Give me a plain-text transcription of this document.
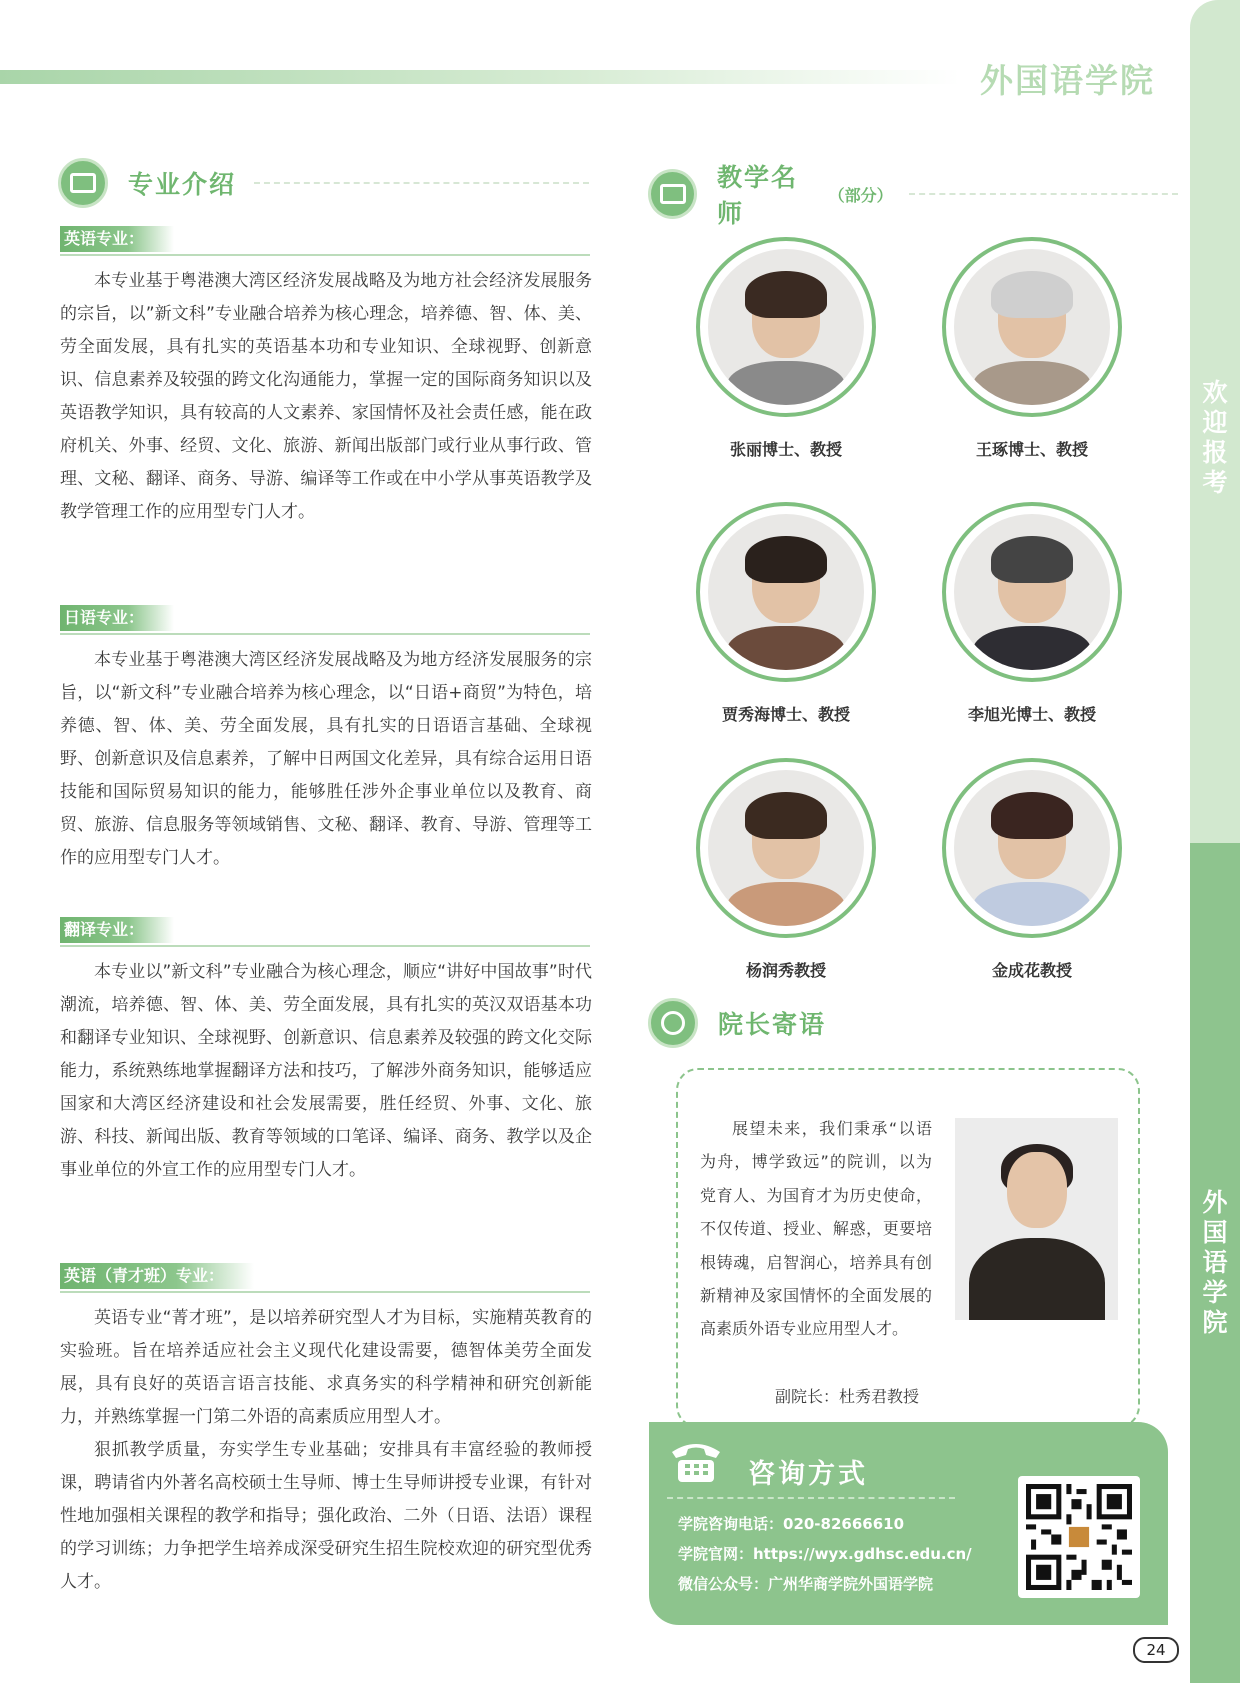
外国语学院
欢
迎
报
考
外
国
语
学
院
专业介绍
英语专业：

本专业基于粤港澳大湾区经济发展战略及为地方社会经济发展服务的宗旨，以”新文科”专业融合培养为核心理念，培养德、智、体、美、劳全面发展，具有扎实的英语基本功和专业知识、全球视野、创新意识、信息素养及较强的跨文化沟通能力，掌握一定的国际商务知识以及英语教学知识，具有较高的人文素养、家国情怀及社会责任感，能在政府机关、外事、经贸、文化、旅游、新闻出版部门或行业从事行政、管理、文秘、翻译、商务、导游、编译等工作或在中小学从事英语教学及教学管理工作的应用型专门人才。

日语专业：

本专业基于粤港澳大湾区经济发展战略及为地方经济发展服务的宗旨，以“新文科”专业融合培养为核心理念，以“日语+商贸”为特色，培养德、智、体、美、劳全面发展，具有扎实的日语语言基础、全球视野、创新意识及信息素养，了解中日两国文化差异，具有综合运用日语技能和国际贸易知识的能力，能够胜任涉外企事业单位以及教育、商贸、旅游、信息服务等领域销售、文秘、翻译、教育、导游、管理等工作的应用型专门人才。

翻译专业：

本专业以”新文科”专业融合为核心理念，顺应“讲好中国故事”时代潮流，培养德、智、体、美、劳全面发展，具有扎实的英汉双语基本功和翻译专业知识、全球视野、创新意识、信息素养及较强的跨文化交际能力，系统熟练地掌握翻译方法和技巧，了解涉外商务知识，能够适应国家和大湾区经济建设和社会发展需要，胜任经贸、外事、文化、旅游、科技、新闻出版、教育等领域的口笔译、编译、商务、教学以及企事业单位的外宣工作的应用型专门人才。

英语（青才班）专业：

英语专业“菁才班”，是以培养研究型人才为目标，实施精英教育的实验班。旨在培养适应社会主义现代化建设需要，德智体美劳全面发展，具有良好的英语言语言技能、求真务实的科学精神和研究创新能力，并熟练掌握一门第二外语的高素质应用型人才。

狠抓教学质量，夯实学生专业基础；安排具有丰富经验的教师授课，聘请省内外著名高校硕士生导师、博士生导师讲授专业课，有针对性地加强相关课程的教学和指导；强化政治、二外（日语、法语）课程的学习训练；力争把学生培养成深受研究生招生院校欢迎的研究型优秀人才。

教学名师
（部分）
张丽博士、教授	王琢博士、教授
贾秀海博士、教授	李旭光博士、教授
杨润秀教授	金成花教授
院长寄语

展望未来，我们秉承“以语为舟，博学致远”的院训，以为党育人、为国育才为历史使命，不仅传道、授业、解惑，更要培根铸魂，启智润心，培养具有创新精神及家国情怀的全面发展的高素质外语专业应用型人才。

副院长：杜秀君教授
咨询方式
学院咨询电话：020-82666610
学院官网：https://wyx.gdhsc.edu.cn/
微信公众号：广州华商学院外国语学院
24
